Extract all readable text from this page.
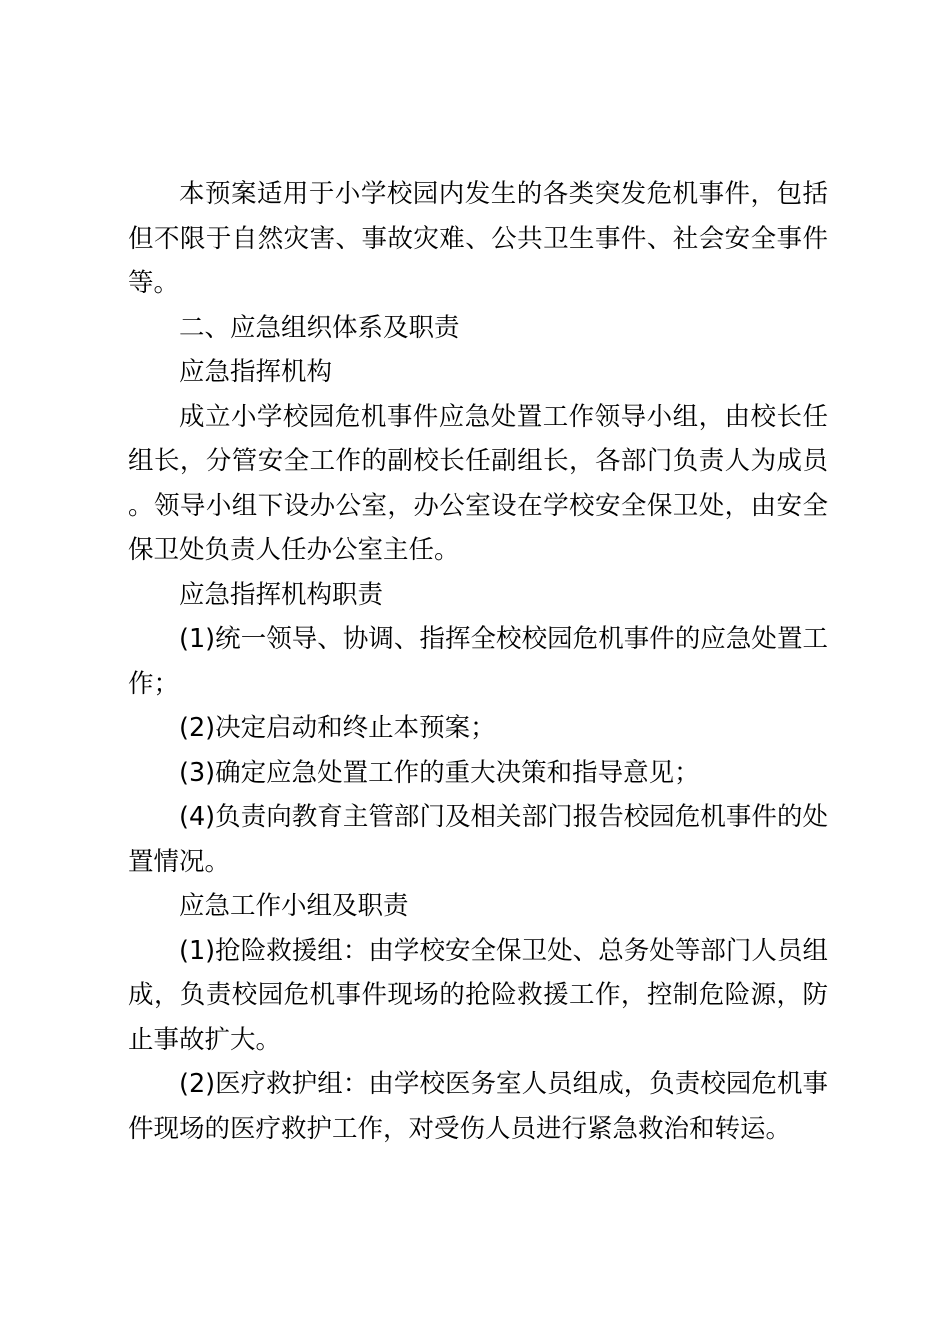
本预案适用于小学校园内发生的各类突发危机事件，包括但不限于自然灾害、事故灾难、公共卫生事件、社会安全事件等。

二、应急组织体系及职责

应急指挥机构

成立小学校园危机事件应急处置工作领导小组，由校长任组长，分管安全工作的副校长任副组长，各部门负责人为成员。领导小组下设办公室，办公室设在学校安全保卫处，由安全保卫处负责人任办公室主任。

应急指挥机构职责

(1)统一领导、协调、指挥全校校园危机事件的应急处置工作；

(2)决定启动和终止本预案；

(3)确定应急处置工作的重大决策和指导意见；

(4)负责向教育主管部门及相关部门报告校园危机事件的处置情况。

应急工作小组及职责

(1)抢险救援组：由学校安全保卫处、总务处等部门人员组成，负责校园危机事件现场的抢险救援工作，控制危险源，防止事故扩大。

(2)医疗救护组：由学校医务室人员组成，负责校园危机事件现场的医疗救护工作，对受伤人员进行紧急救治和转运。
